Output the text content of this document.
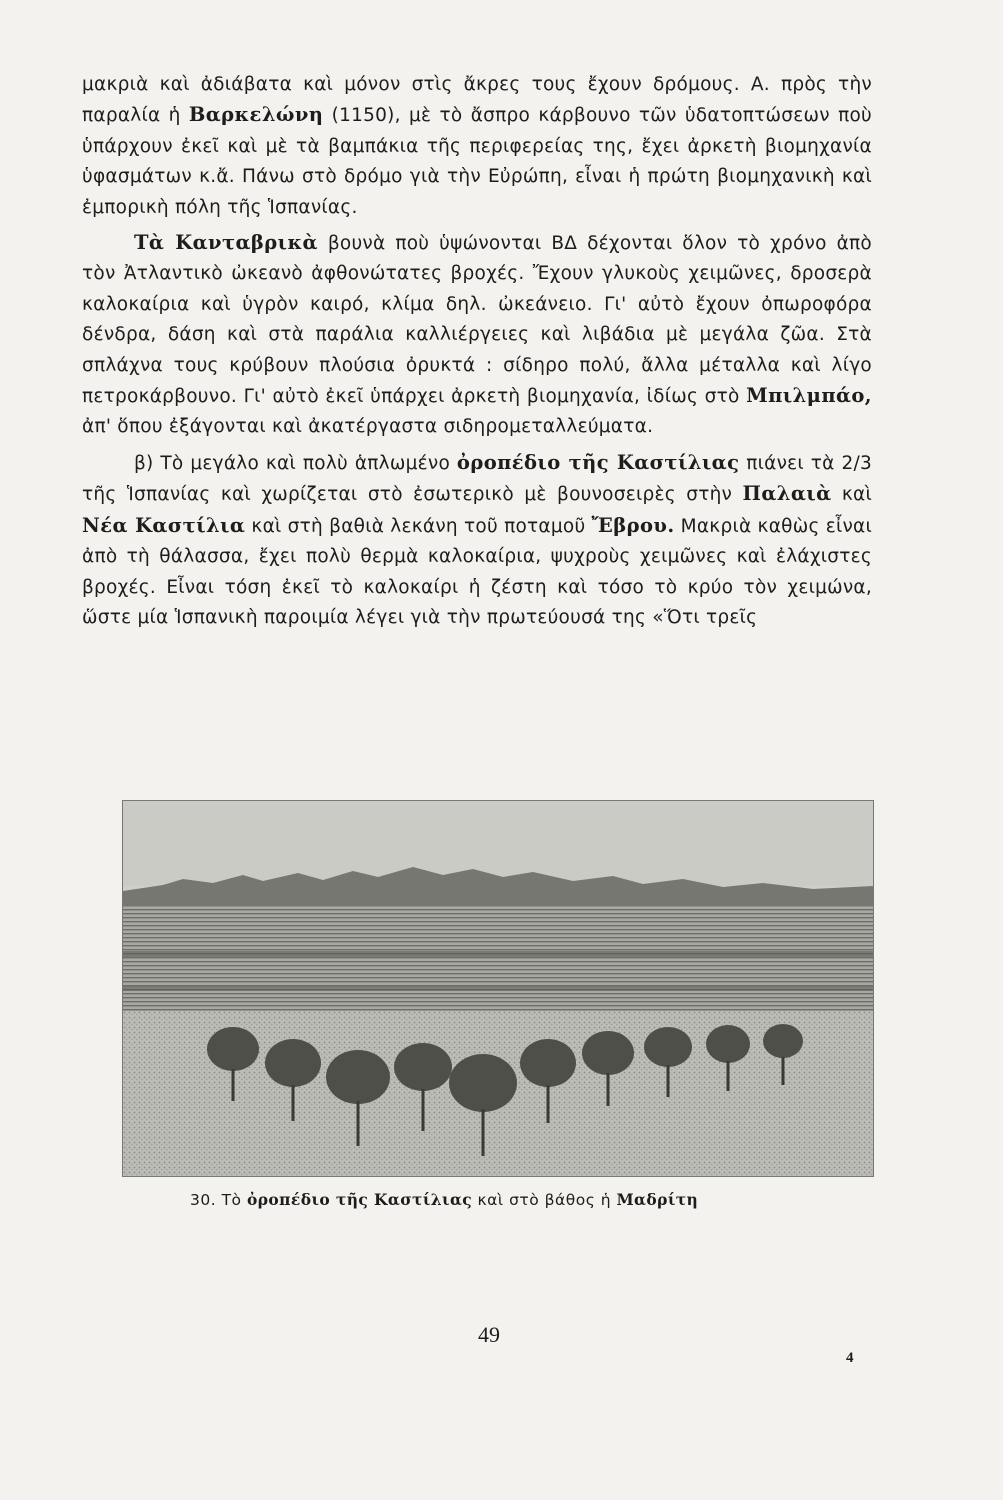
μακριὰ καὶ ἀδιάβατα καὶ μόνον στὶς ἄκρες τους ἔχουν δρόμους. Α. πρὸς τὴν παραλία ἡ Βαρκελώνη (1150), μὲ τὸ ἄσπρο κάρβουνο τῶν ὑδατοπτώσεων ποὺ ὑπάρχουν ἐκεῖ καὶ μὲ τὰ βαμπάκια τῆς περιφερείας της, ἔχει ἀρκετὴ βιομηχανία ὑφασμάτων κ.ἄ. Πάνω στὸ δρόμο γιὰ τὴν Εὐρώπη, εἶναι ἡ πρώτη βιομηχανικὴ καὶ ἐμπορικὴ πόλη τῆς Ἱσπανίας.

Τὰ Κανταβρικὰ βουνὰ ποὺ ὑψώνονται ΒΔ δέχονται ὅλον τὸ χρόνο ἀπὸ τὸν Ἀτλαντικὸ ὠκεανὸ ἀφθονώτατες βροχές. Ἔχουν γλυκοὺς χειμῶνες, δροσερὰ καλοκαίρια καὶ ὑγρὸν καιρό, κλίμα δηλ. ὠκεάνειο. Γι' αὐτὸ ἔχουν ὀπωροφόρα δένδρα, δάση καὶ στὰ παράλια καλλιέργειες καὶ λιβάδια μὲ μεγάλα ζῶα. Στὰ σπλάχνα τους κρύβουν πλούσια ὀρυκτά : σίδηρο πολύ, ἄλλα μέταλλα καὶ λίγο πετροκάρβουνο. Γι' αὐτὸ ἐκεῖ ὑπάρχει ἀρκετὴ βιομηχανία, ἰδίως στὸ Μπιλμπάο, ἀπ' ὅπου ἐξάγονται καὶ ἀκατέργαστα σιδηρομεταλλεύματα.

β) Τὸ μεγάλο καὶ πολὺ ἁπλωμένο ὀροπέδιο τῆς Καστίλιας πιάνει τὰ 2/3 τῆς Ἱσπανίας καὶ χωρίζεται στὸ ἐσωτερικὸ μὲ βουνοσειρὲς στὴν Παλαιὰ καὶ Νέα Καστίλια καὶ στὴ βαθιὰ λεκάνη τοῦ ποταμοῦ Ἔβρου. Μακριὰ καθὼς εἶναι ἀπὸ τὴ θάλασσα, ἔχει πολὺ θερμὰ καλοκαίρια, ψυχροὺς χειμῶνες καὶ ἐλάχιστες βροχές. Εἶναι τόση ἐκεῖ τὸ καλοκαίρι ἡ ζέστη καὶ τόσο τὸ κρύο τὸν χειμώνα, ὥστε μία Ἱσπανικὴ παροιμία λέγει γιὰ τὴν πρωτεύουσά της «Ὅτι τρεῖς

30. Τὸ ὀροπέδιο τῆς Καστίλιας καὶ στὸ βάθος ἡ Μαδρίτη
49
4
